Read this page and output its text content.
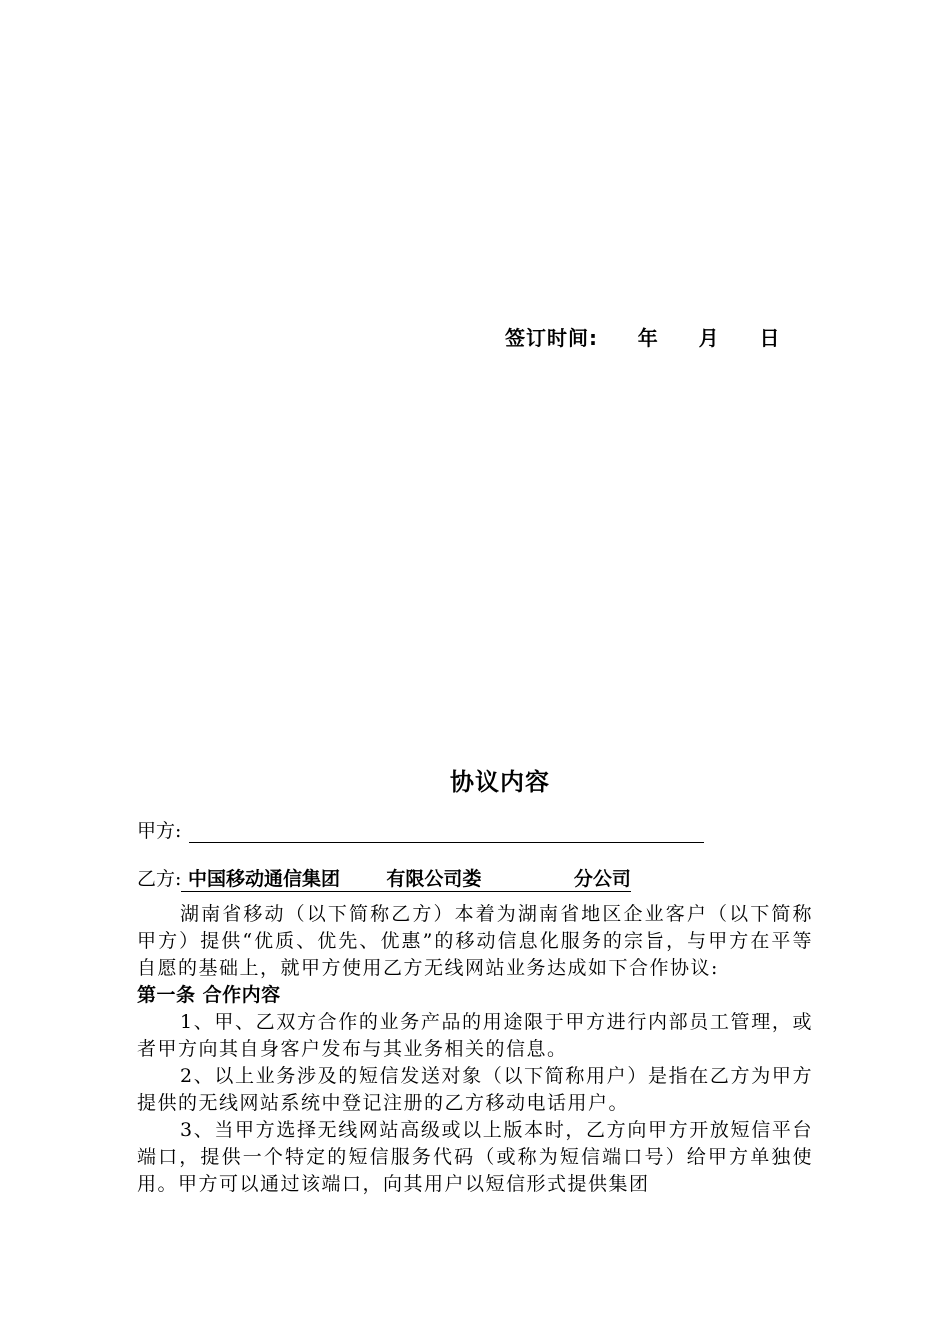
签订时间:     年     月     日
协议内容
甲方:
乙方: 中国移动通信集团       有限公司娄              分公司

湖南省移动（以下简称乙方）本着为湖南省地区企业客户（以下简称甲方）提供“优质、优先、优惠”的移动信息化服务的宗旨，与甲方在平等自愿的基础上，就甲方使用乙方无线网站业务达成如下合作协议:

第一条 合作内容

1、甲、乙双方合作的业务产品的用途限于甲方进行内部员工管理，或者甲方向其自身客户发布与其业务相关的信息。

2、以上业务涉及的短信发送对象（以下简称用户）是指在乙方为甲方提供的无线网站系统中登记注册的乙方移动电话用户。

3、当甲方选择无线网站高级或以上版本时，乙方向甲方开放短信平台端口，提供一个特定的短信服务代码（或称为短信端口号）给甲方单独使用。甲方可以通过该端口，向其用户以短信形式提供集团
